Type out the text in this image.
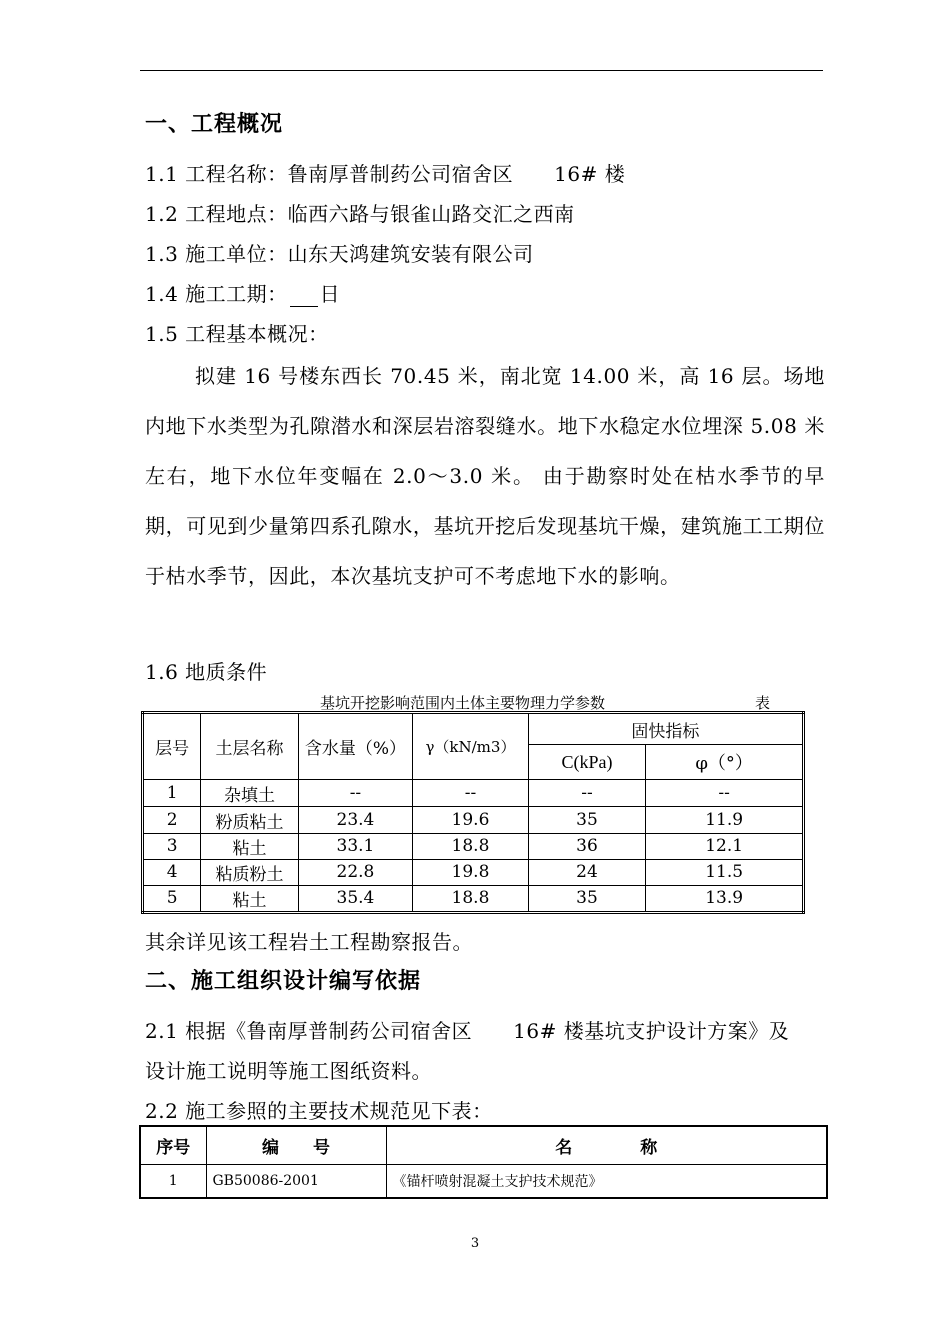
一、工程概况
1.1 工程名称：鲁南厚普制药公司宿舍区　　16# 楼
1.2 工程地点：临西六路与银雀山路交汇之西南
1.3 施工单位：山东天鸿建筑安装有限公司
1.4 施工工期： 日
1.5 工程基本概况：
拟建 16 号楼东西长 70.45 米，南北宽 14.00 米，高 16 层。场地内地下水类型为孔隙潜水和深层岩溶裂缝水。地下水稳定水位埋深 5.08 米左右，地下水位年变幅在 2.0～3.0 米。 由于勘察时处在枯水季节的早期，可见到少量第四系孔隙水，基坑开挖后发现基坑干燥，建筑施工工期位于枯水季节，因此，本次基坑支护可不考虑地下水的影响。
1.6 地质条件
基坑开挖影响范围内土体主要物理力学参数	表
层号	土层名称	含水量（%）	γ（kN/m3）	固快指标	
				C(kPa)	φ（°）
1	杂填土	--	--	--	--
2	粉质粘土	23.4	19.6	35	11.9
3	粘土	33.1	18.8	36	12.1
4	粘质粉土	22.8	19.8	24	11.5
5	粘土	35.4	18.8	35	13.9
其余详见该工程岩土工程勘察报告。
二、施工组织设计编写依据
2.1 根据《鲁南厚普制药公司宿舍区　　16# 楼基坑支护设计方案》及
设计施工说明等施工图纸资料。
2.2 施工参照的主要技术规范见下表：
序号	编　　号	名　　　　称
1	GB50086-2001	《锚杆喷射混凝土支护技术规范》
3
